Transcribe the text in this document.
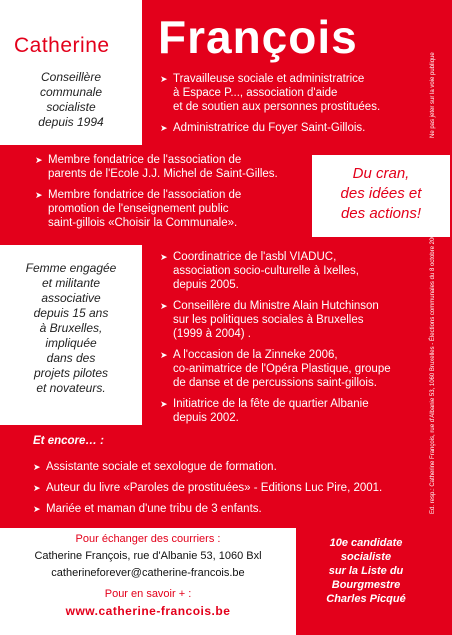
Catherine
Conseillère
communale
socialiste
depuis 1994
François
Ne pas jeter sur la voie publique
➤ Travailleuse sociale et administratrice
à Espace P..., association d'aide
et de soutien aux personnes prostituées.
➤ Administratrice du Foyer Saint-Gillois.
➤ Membre fondatrice de l'association de
parents de l'Ecole J.J. Michel de Saint-Gilles.
➤ Membre fondatrice de l'association de
promotion de l'enseignement public
saint-gillois «Choisir la Communale».
Du cran,
des idées et
des actions!
Femme engagée
et militante
associative
depuis 15 ans
à Bruxelles,
impliquée
dans des
projets pilotes
et novateurs.
➤ Coordinatrice de l'asbl VIADUC,
association socio-culturelle à Ixelles,
depuis 2005.
➤ Conseillère du Ministre Alain Hutchinson
sur les politiques sociales à Bruxelles
(1999 à 2004) .
➤ A l'occasion de la Zinneke 2006,
co-animatrice de l'Opéra Plastique, groupe
de danse et de percussions saint-gillois.
➤ Initiatrice de la fête de quartier Albanie
depuis 2002.	Ed. resp.: Catherine François, rue d'Albanie 53, 1060 Bruxelles - Élections communales du 8 octobre 2006
Et encore… :
➤ Assistante sociale et sexologue de formation.
➤ Auteur du livre «Paroles de prostituées» - Editions Luc Pire, 2001.
➤ Mariée et maman d'une tribu de 3 enfants.
Pour échanger des courriers :
Catherine François, rue d'Albanie 53, 1060 Bxl
catherineforever@catherine-francois.be
Pour en savoir + :
www.catherine-francois.be
10e candidate
socialiste
sur la Liste du
Bourgmestre
Charles Picqué
